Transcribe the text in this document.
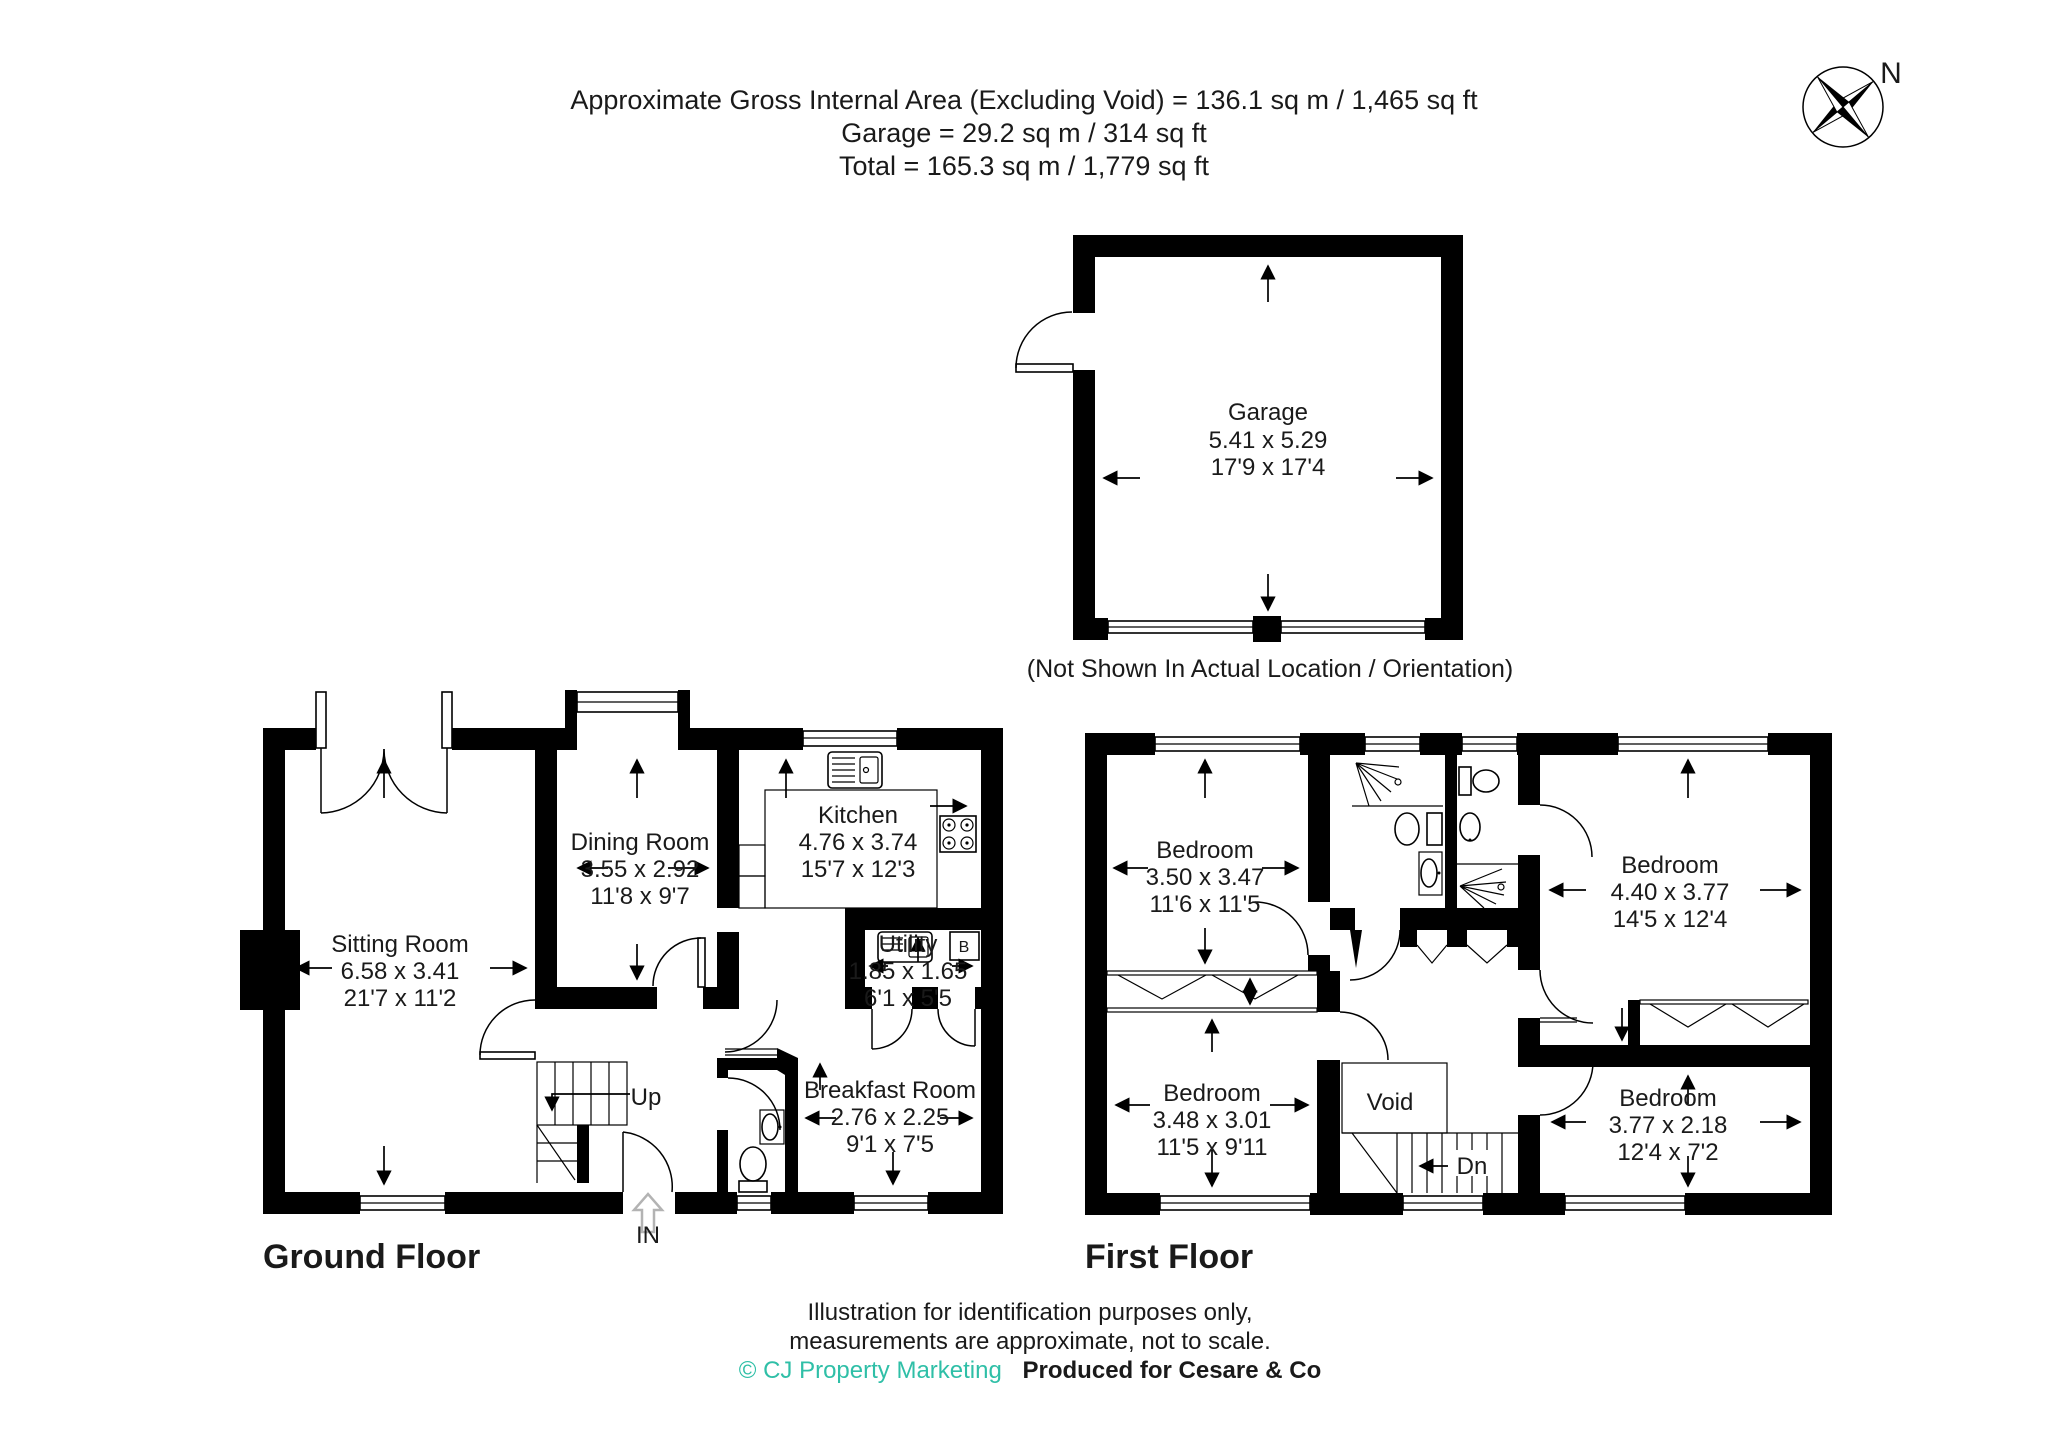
Approximate Gross Internal Area (Excluding Void) = 136.1 sq m / 1,465 sq ft
Garage = 29.2 sq m / 314 sq ft
Total = 165.3 sq m / 1,779 sq ft
N
Garage
5.41 x 5.29
17'9 x 17'4
(Not Shown In Actual Location / Orientation)
B
Sitting Room
6.58 x 3.41
21'7 x 11'2
Dining Room
3.55 x 2.92
11'8 x 9'7
Kitchen
4.76 x 3.74
15'7 x 12'3
Utility
1.85 x 1.65
6'1 x 5'5
Breakfast Room
2.76 x 2.25
9'1 x 7'5
Up
IN
Bedroom
3.50 x 3.47
11'6 x 11'5
Bedroom
4.40 x 3.77
14'5 x 12'4
Bedroom
3.48 x 3.01
11'5 x 9'11
Bedroom
3.77 x 2.18
12'4 x 7'2
Void
Dn
Ground Floor	First Floor
Illustration for identification purposes only,
measurements are approximate, not to scale.
© CJ Property Marketing Produced for Cesare & Co
